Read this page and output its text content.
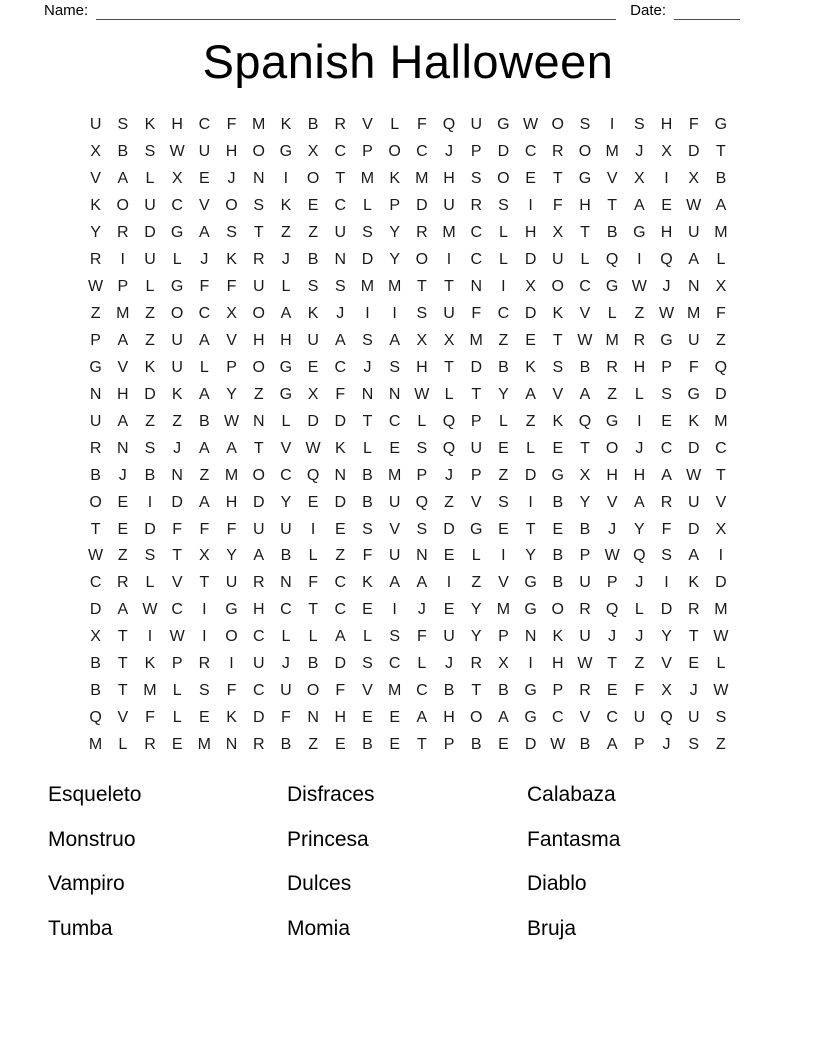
Name:	Date:
Spanish Halloween
U	S	K	H C	F M K	B	R	V	L	F	Q U G W O S	I	S	H	F	G
X	B	S W U H O G X	C	P O C	J	P	D C R O M	J	X	D	T
V	A	L	X	E	J	N	I	O	T M K M H	S O E	T	G V	X	I	X	B
K O U C	V O S	K	E	C	L	P	D U R	S	I	F	H	T	A	E W A
Y	R D G A	S	T	Z	Z	U	S	Y	R M C	L	H	X	T	B G H U M
R	I	U	L	J	K	R	J	B	N D	Y O	I	C	L	D U	L	Q	I	Q A	L
W P	L	G	F	F	U	L	S	S M M T	T	N	I	X O C G W J	N	X
Z M Z	O C	X O A	K	J	I	I	S	U	F	C D	K	V	L	Z W M F
P	A	Z	U	A	V	H H U	A	S	A	X	X M Z	E	T W M R G U	Z
G V	K	U	L	P O G E	C	J	S	H	T	D	B	K	S	B	R H	P	F	Q
N H D	K	A	Y	Z	G X	F	N N W L	T	Y	A	V	A	Z	L	S G D
U	A	Z	Z	B W N	L	D D	T	C	L	Q P	L	Z	K Q G	I	E	K M
R N	S	J	A	A	T	V W K	L	E	S Q U	E	L	E	T	O	J	C D C
B	J	B	N	Z M O C Q N	B M P	J	P	Z	D G X	H H	A W T
O E	I	D	A	H D	Y	E	D	B	U Q	Z	V	S	I	B	Y	V	A	R U	V
T	E	D	F	F	F	U U	I	E	S	V	S	D G E	T	E	B	J	Y	F	D	X
W Z	S	T	X	Y	A	B	L	Z	F	U N	E	L	I	Y	B	P W Q S	A	I
C R	L	V	T	U R N	F	C	K	A	A	I	Z	V G B	U	P	J	I	K	D
D	A W C	I	G H C	T	C	E	I	J	E	Y M G O R Q	L	D R M
X	T	I	W	I	O C	L	L	A	L	S	F	U	Y	P	N	K	U	J	J	Y	T W
B	T	K	P	R	I	U	J	B	D	S	C	L	J	R	X	I	H W T	Z	V	E	L
B	T M	L	S	F	C U O	F	V M C	B	T	B G P	R	E	F	X	J W
Q V	F	L	E	K	D	F	N H	E	E	A	H O A G C	V	C U Q U	S
M	L	R	E M N R	B	Z	E	B	E	T	P	B	E	D W B	A	P	J	S	Z
Esqueleto
Monstruo
Vampiro
Tumba
Disfraces
Princesa
Dulces
Momia
Calabaza
Fantasma
Diablo
Bruja
